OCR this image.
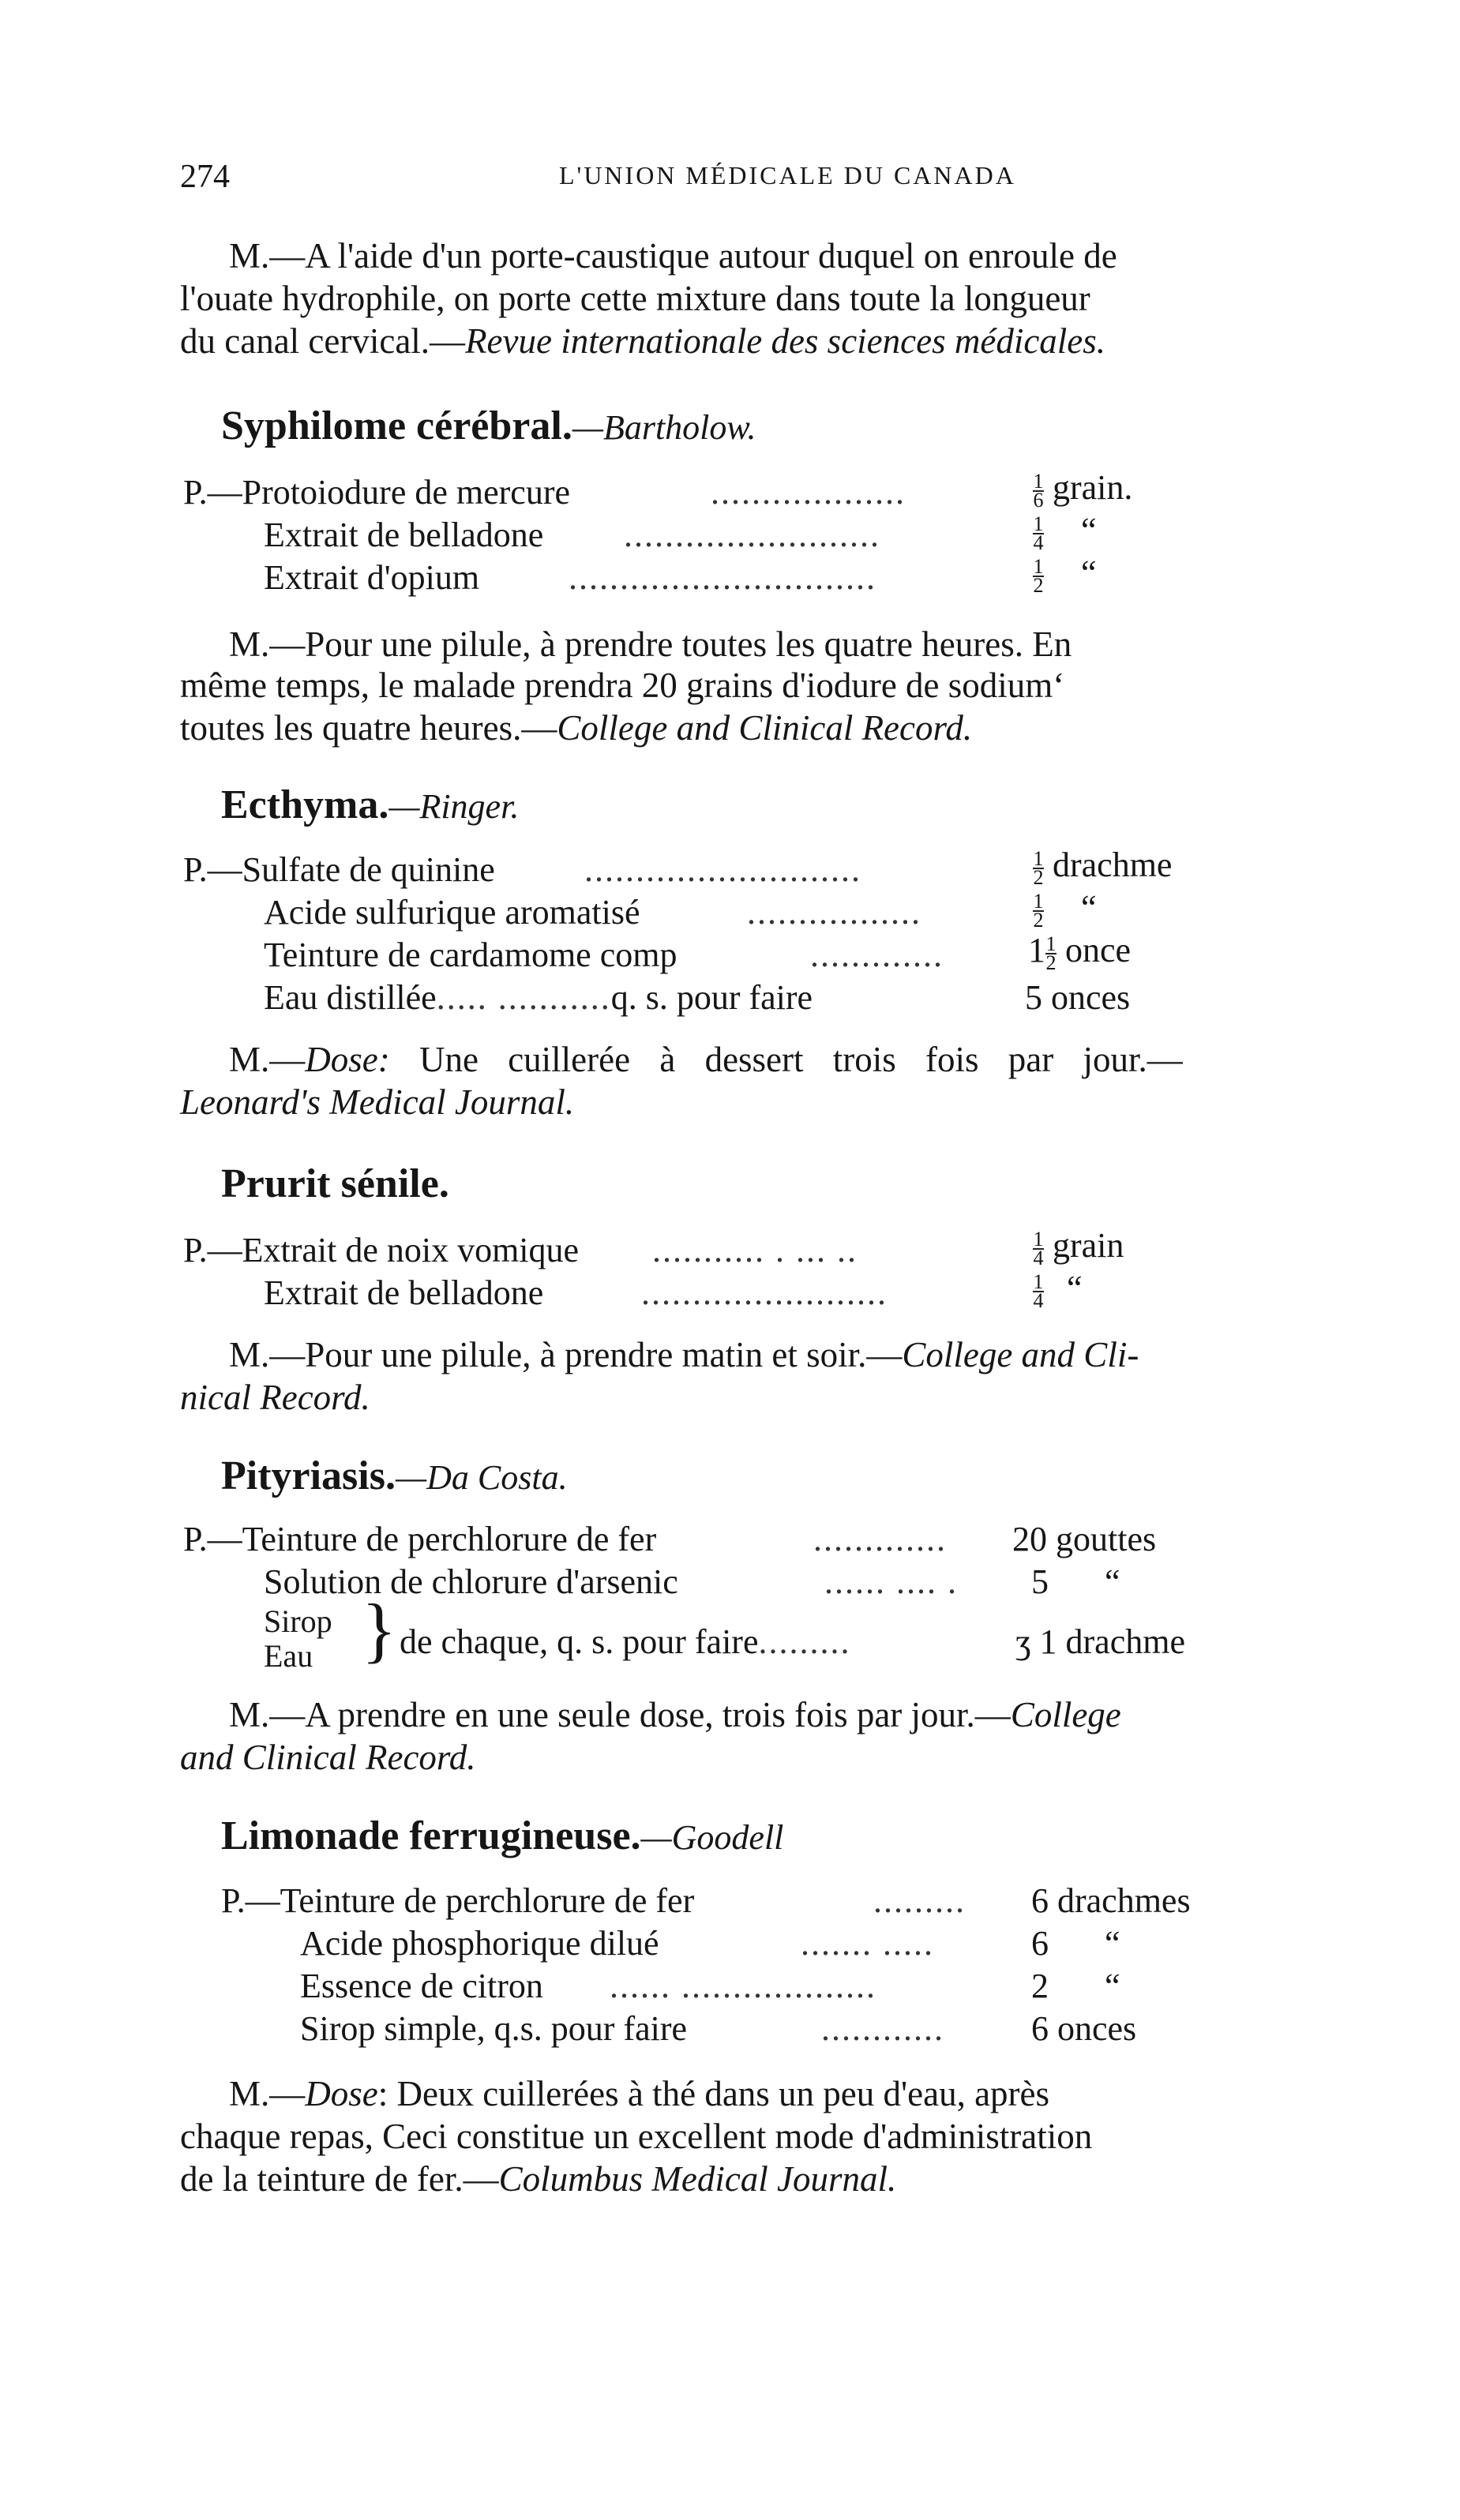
274	L'UNION MÉDICALE DU CANADA
M.—A l'aide d'un porte-caustique autour duquel on enroule de
l'ouate hydrophile, on porte cette mixture dans toute la longueur
du canal cervical.—Revue internationale des sciences médicales.
Syphilome cérébral.—Bartholow.
P.—Protoiodure de mercure	...................	$\frac{1}{6}$ grain.
Extrait de belladone .........................	$\frac{1}{4}$ “
Extrait d'opium	..............................	$\frac{1}{2}$ “
M.—Pour une pilule, à prendre toutes les quatre heures. En
même temps, le malade prendra 20 grains d'iodure de sodium‘
toutes les quatre heures.—College and Clinical Record.
Ecthyma.—Ringer.
P.—Sulfate de quinine	...........................	$\frac{1}{2}$ drachme
Acide sulfurique aromatisé	.................	$\frac{1}{2}$ “
Teinture de cardamome comp	............. $1 \frac{1}{2}$ once
Eau distillée..... ...........q. s. pour faire	5 onces
M.—Dose: Une cuillerée à dessert trois fois par jour.—
Leonard's Medical Journal.
Prurit sénile.
P.—Extrait de noix vomique ........... . ... ..	$\frac{1}{4}$ grain
Extrait de belladone	........................	$\frac{1}{4}$ “
M.—Pour une pilule, à prendre matin et soir.—College and Cli-
nical Record.
Pityriasis.—Da Costa.
P.—Teinture de perchlorure de fer	............. 20 gouttes
Solution de chlorure d'arsenic	...... .... . 5 “
Sirop
Eau } de chaque, q. s. pour faire.........	ʒ 1 drachme
M.—A prendre en une seule dose, trois fois par jour.—College
and Clinical Record.
Limonade ferrugineuse.—Goodell
P.—Teinture de perchlorure de fer	......... 6 drachmes
Acide phosphorique dilué	....... .....	6 “
Essence de citron ...... ...................	2 “
Sirop simple, q.s. pour faire	............	6 onces
M.—Dose: Deux cuillerées à thé dans un peu d'eau, après
chaque repas, Ceci constitue un excellent mode d'administration
de la teinture de fer.—Columbus Medical Journal.
